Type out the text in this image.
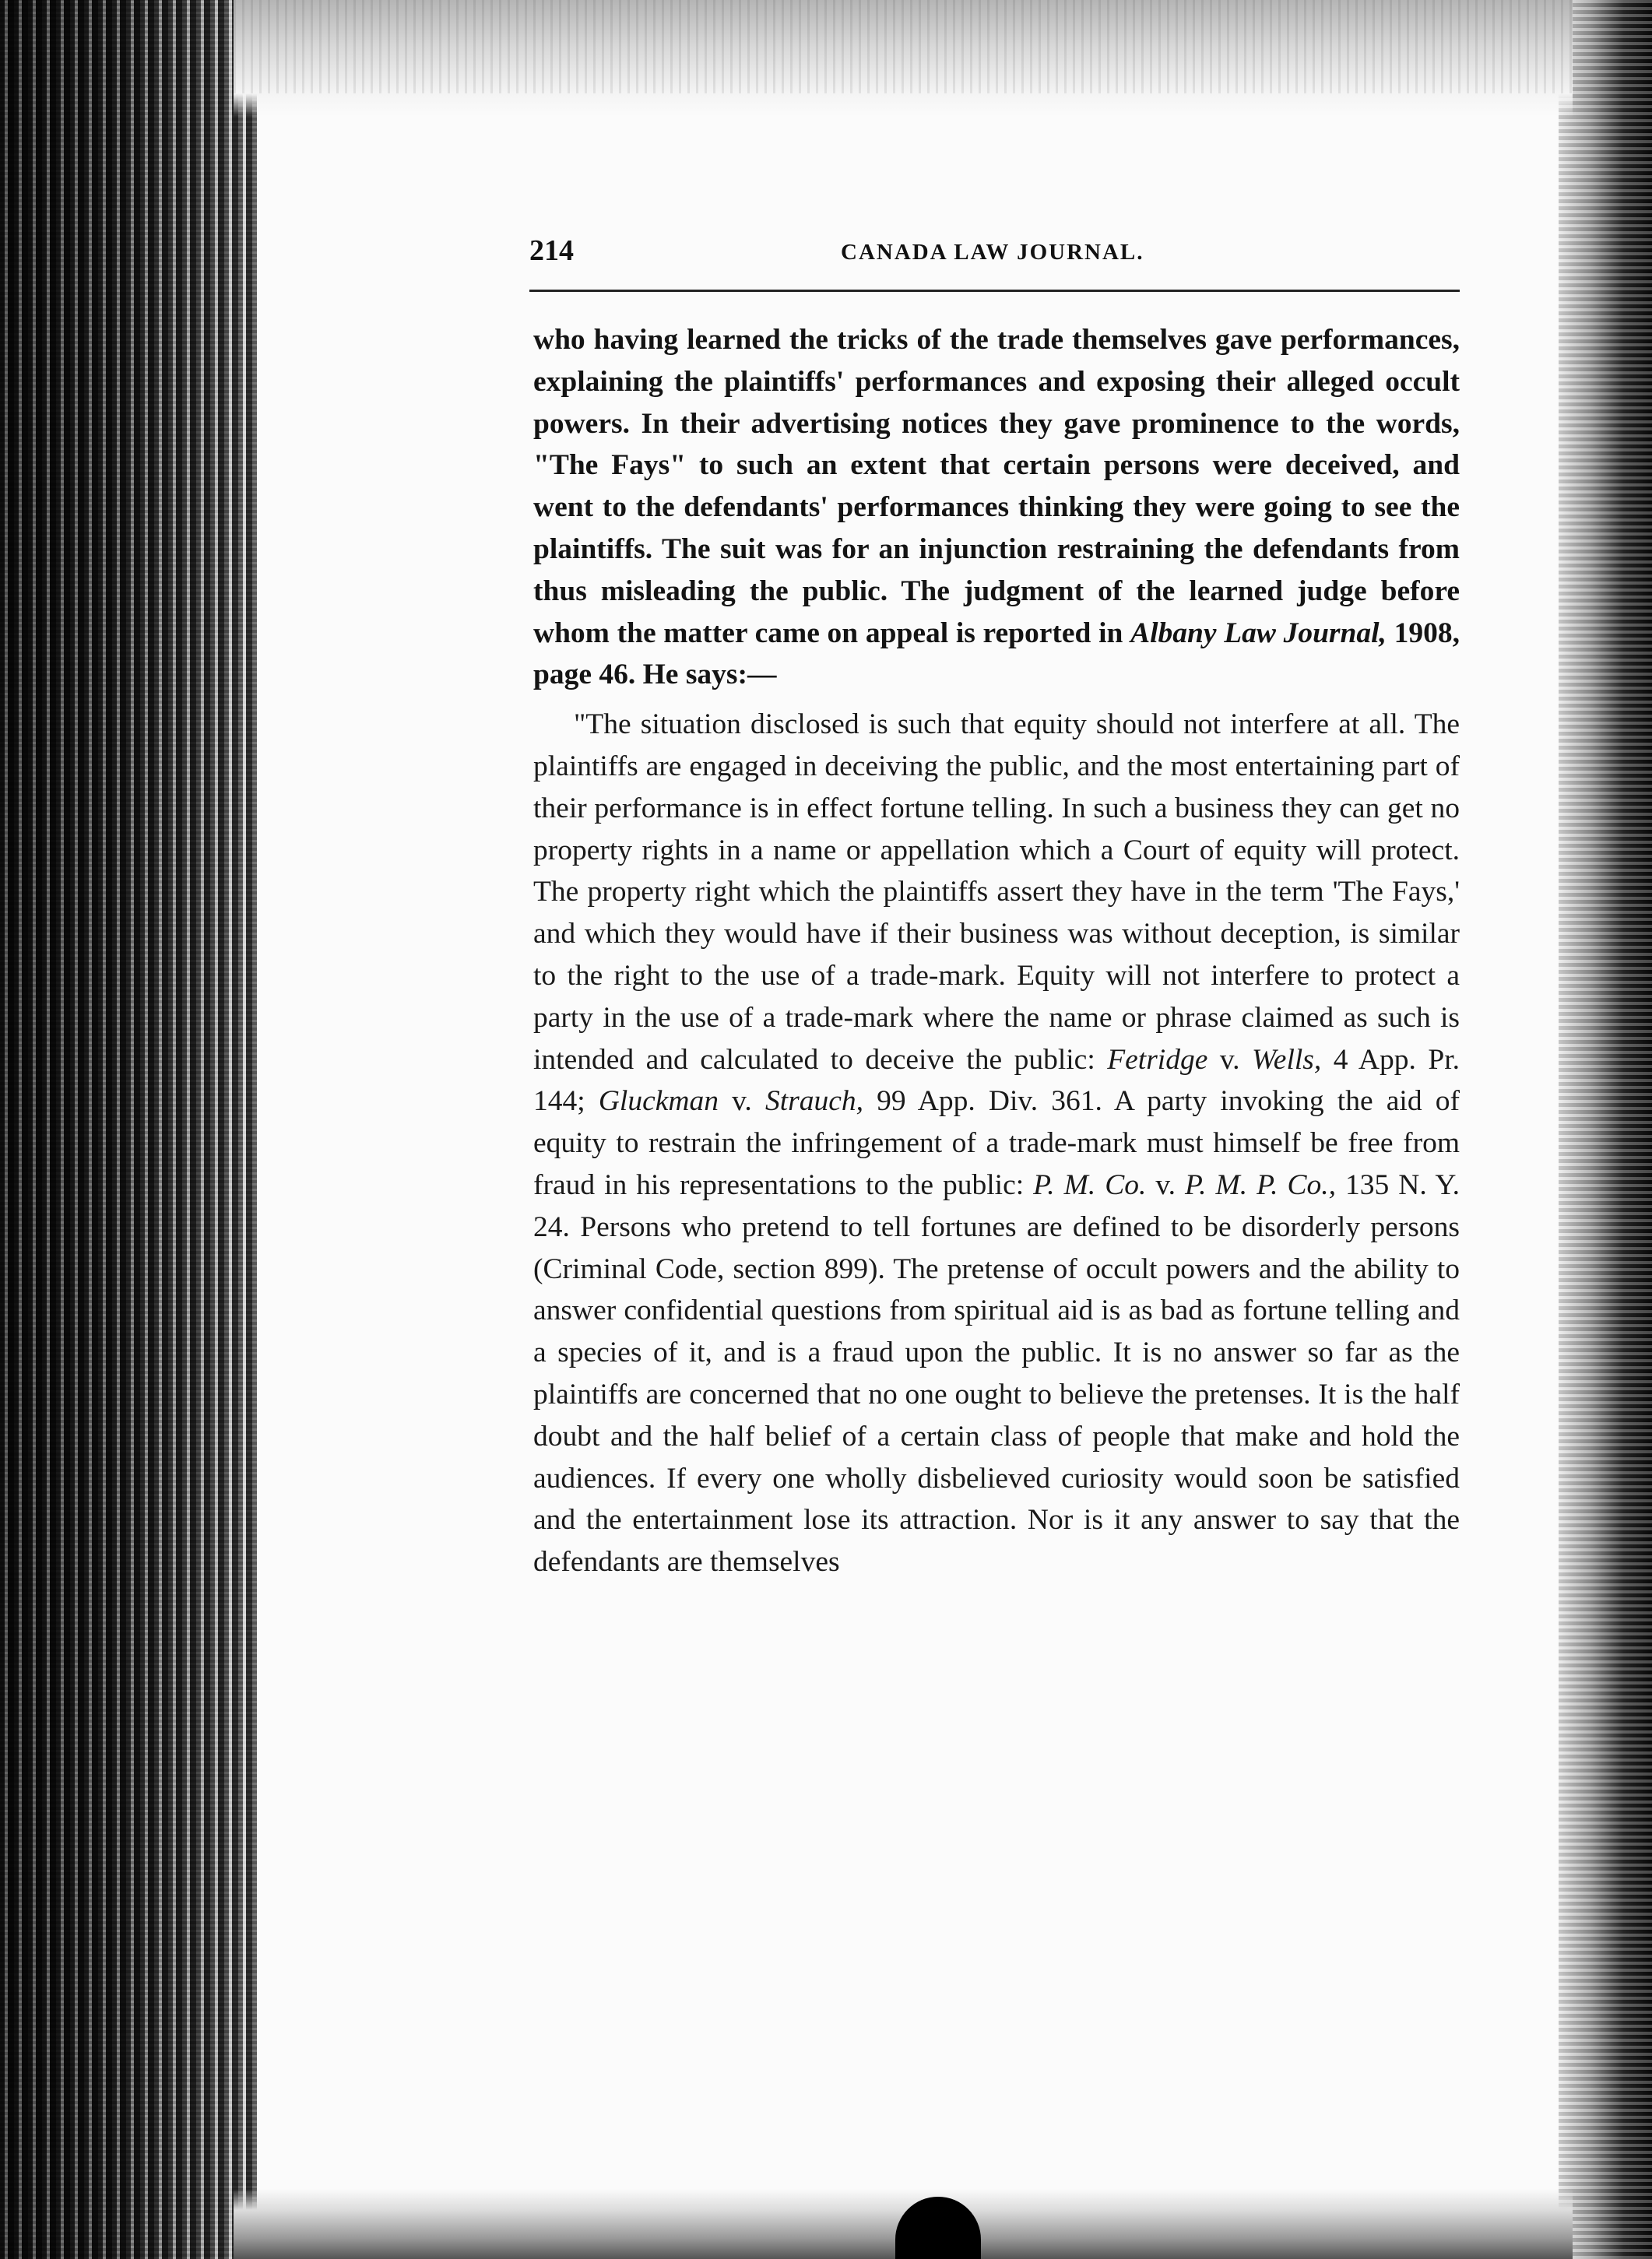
214	CANADA LAW JOURNAL.

who having learned the tricks of the trade themselves gave performances, explaining the plaintiffs' performances and exposing their alleged occult powers. In their advertising notices they gave prominence to the words, "The Fays" to such an extent that certain persons were deceived, and went to the defendants' performances thinking they were going to see the plaintiffs. The suit was for an injunction restraining the defendants from thus misleading the public. The judgment of the learned judge before whom the matter came on appeal is reported in Albany Law Journal, 1908, page 46. He says:—

"The situation disclosed is such that equity should not interfere at all. The plaintiffs are engaged in deceiving the public, and the most entertaining part of their performance is in effect fortune telling. In such a business they can get no property rights in a name or appellation which a Court of equity will protect. The property right which the plaintiffs assert they have in the term 'The Fays,' and which they would have if their business was without deception, is similar to the right to the use of a trade-mark. Equity will not interfere to protect a party in the use of a trade-mark where the name or phrase claimed as such is intended and calculated to deceive the public: Fetridge v. Wells, 4 App. Pr. 144; Gluckman v. Strauch, 99 App. Div. 361. A party invoking the aid of equity to restrain the infringement of a trade-mark must himself be free from fraud in his representations to the public: P. M. Co. v. P. M. P. Co., 135 N. Y. 24. Persons who pretend to tell fortunes are defined to be disorderly persons (Criminal Code, section 899). The pretense of occult powers and the ability to answer confidential questions from spiritual aid is as bad as fortune telling and a species of it, and is a fraud upon the public. It is no answer so far as the plaintiffs are concerned that no one ought to believe the pretenses. It is the half doubt and the half belief of a certain class of people that make and hold the audiences. If every one wholly disbelieved curiosity would soon be satisfied and the entertainment lose its attraction. Nor is it any answer to say that the defendants are themselves
